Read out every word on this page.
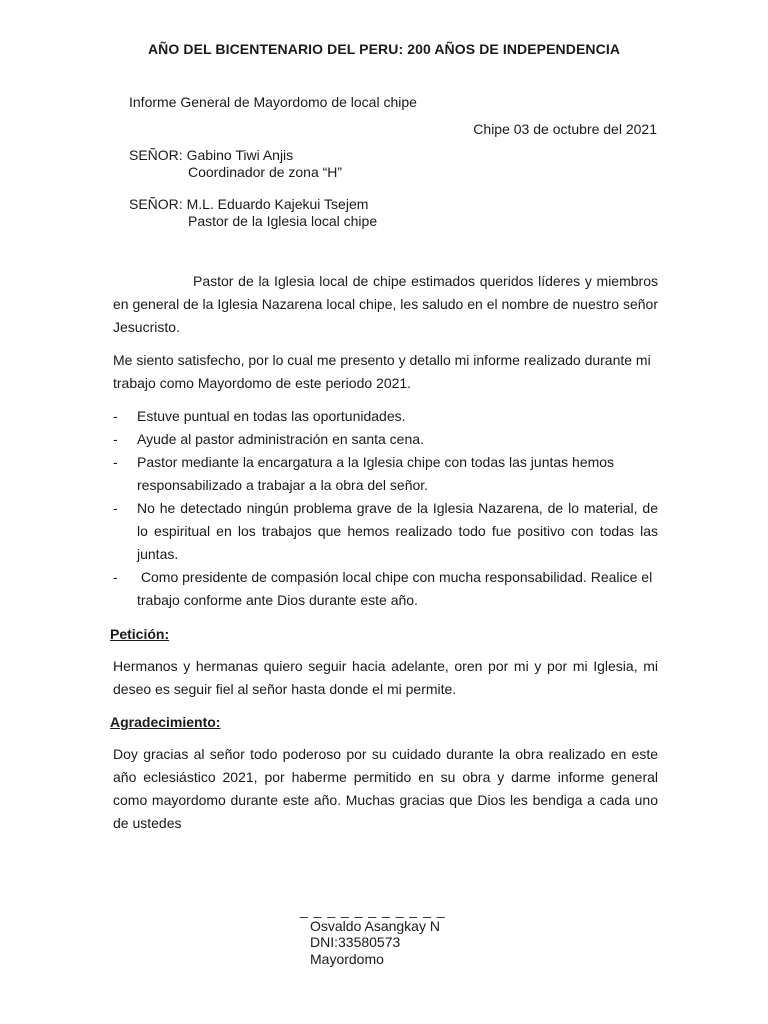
AÑO DEL BICENTENARIO DEL PERU: 200 AÑOS DE INDEPENDENCIA
Informe General de Mayordomo de local chipe
Chipe 03 de octubre del 2021
SEÑOR: Gabino Tiwi Anjis
Coordinador de zona “H”
SEÑOR: M.L. Eduardo Kajekui Tsejem
Pastor de la Iglesia local chipe
Pastor de la Iglesia local de chipe estimados queridos líderes y miembros en general de la Iglesia Nazarena local chipe, les saludo en el nombre de nuestro señor Jesucristo.
Me siento satisfecho, por lo cual me presento y detallo mi informe realizado durante mi trabajo como Mayordomo de este periodo 2021.
- Estuve puntual en todas las oportunidades.
- Ayude al pastor administración en santa cena.
- Pastor mediante la encargatura a la Iglesia chipe con todas las juntas hemos responsabilizado a trabajar a la obra del señor.
- No he detectado ningún problema grave de la Iglesia Nazarena, de lo material, de lo espiritual en los trabajos que hemos realizado todo fue positivo con todas las juntas.
- Como presidente de compasión local chipe con mucha responsabilidad. Realice el trabajo conforme ante Dios durante este año.
Petición:
Hermanos y hermanas quiero seguir hacia adelante, oren por mi y por mi Iglesia, mi deseo es seguir fiel al señor hasta donde el mi permite.
Agradecimiento:
Doy gracias al señor todo poderoso por su cuidado durante la obra realizado en este año eclesiástico 2021, por haberme permitido en su obra y darme informe general como mayordomo durante este año. Muchas gracias que Dios les bendiga a cada uno de ustedes
_ _ _ _ _ _ _ _ _ _ _
Osvaldo Asangkay N
DNI:33580573
Mayordomo
